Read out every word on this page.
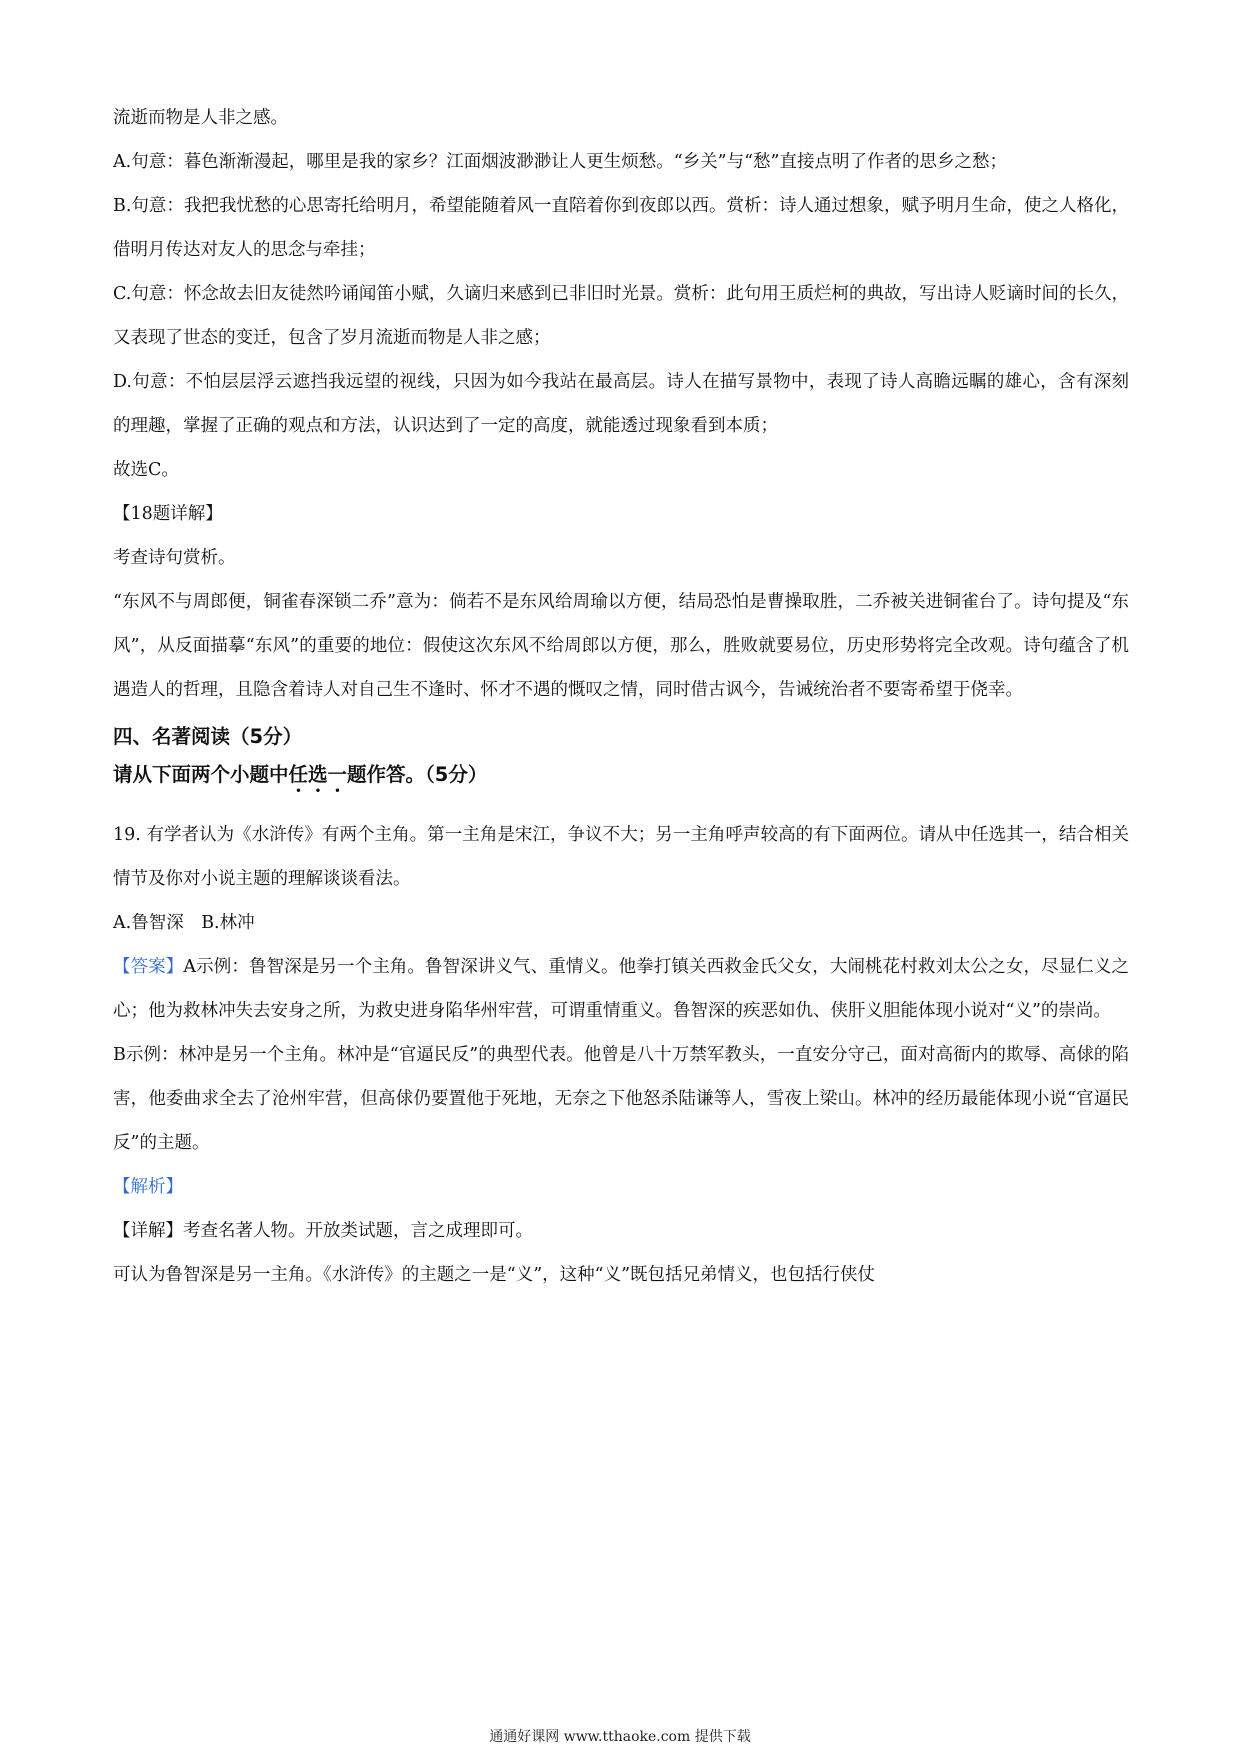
流逝而物是人非之感。

A.句意：暮色渐渐漫起，哪里是我的家乡？江面烟波渺渺让人更生烦愁。“乡关”与“愁”直接点明了作者的思乡之愁；

B.句意：我把我忧愁的心思寄托给明月，希望能随着风一直陪着你到夜郎以西。赏析：诗人通过想象，赋予明月生命，使之人格化，借明月传达对友人的思念与牵挂；

C.句意：怀念故去旧友徒然吟诵闻笛小赋，久谪归来感到已非旧时光景。赏析：此句用王质烂柯的典故，写出诗人贬谪时间的长久，又表现了世态的变迁，包含了岁月流逝而物是人非之感；

D.句意：不怕层层浮云遮挡我远望的视线，只因为如今我站在最高层。诗人在描写景物中，表现了诗人高瞻远瞩的雄心，含有深刻的理趣，掌握了正确的观点和方法，认识达到了一定的高度，就能透过现象看到本质；

故选C。

【18题详解】

考查诗句赏析。

“东风不与周郎便，铜雀春深锁二乔”意为：倘若不是东风给周瑜以方便，结局恐怕是曹操取胜，二乔被关进铜雀台了。诗句提及“东风”，从反面描摹“东风”的重要的地位：假使这次东风不给周郎以方便，那么，胜败就要易位，历史形势将完全改观。诗句蕴含了机遇造人的哲理，且隐含着诗人对自己生不逢时、怀才不遇的慨叹之情，同时借古讽今，告诫统治者不要寄希望于侥幸。

四、名著阅读（5分）
请从下面两个小题中任选一题作答。（5分）

19. 有学者认为《水浒传》有两个主角。第一主角是宋江，争议不大；另一主角呼声较高的有下面两位。请从中任选其一，结合相关情节及你对小说主题的理解谈谈看法。

A.鲁智深　B.林冲

【答案】A示例：鲁智深是另一个主角。鲁智深讲义气、重情义。他拳打镇关西救金氏父女，大闹桃花村救刘太公之女，尽显仁义之心；他为救林冲失去安身之所，为救史进身陷华州牢营，可谓重情重义。鲁智深的疾恶如仇、侠肝义胆能体现小说对“义”的崇尚。

B示例：林冲是另一个主角。林冲是“官逼民反”的典型代表。他曾是八十万禁军教头，一直安分守己，面对高衙内的欺辱、高俅的陷害，他委曲求全去了沧州牢营，但高俅仍要置他于死地，无奈之下他怒杀陆谦等人，雪夜上梁山。林冲的经历最能体现小说“官逼民反”的主题。

【解析】

【详解】考查名著人物。开放类试题，言之成理即可。

可认为鲁智深是另一主角。《水浒传》的主题之一是“义”，这种“义”既包括兄弟情义，也包括行侠仗

通通好课网 www.tthaoke.com 提供下载
